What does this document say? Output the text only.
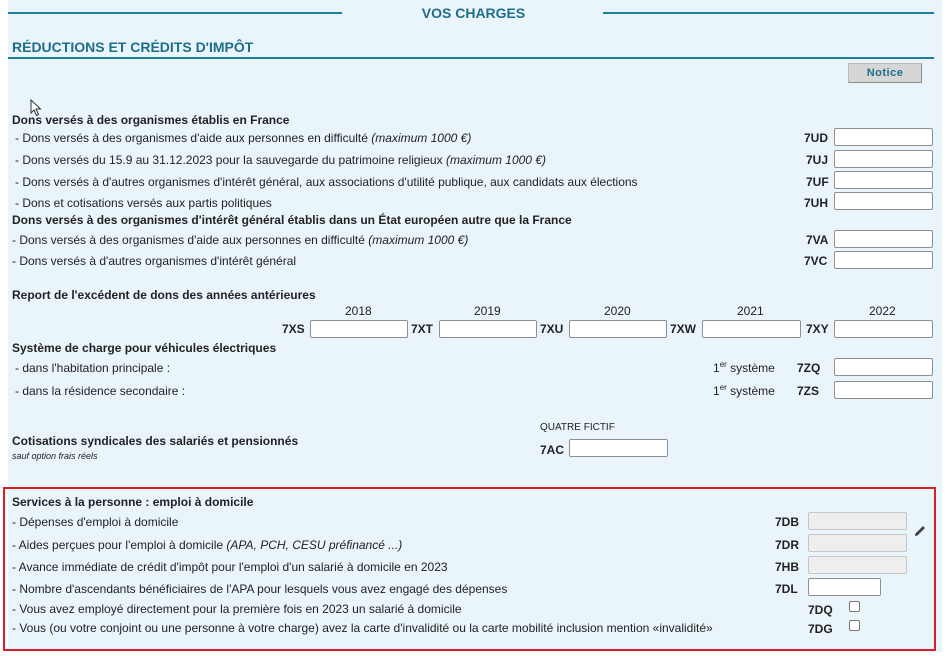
VOS CHARGES
RÉDUCTIONS ET CRÉDITS D'IMPÔT
Notice
Dons versés à des organismes établis en France
- Dons versés à des organismes d'aide aux personnes en difficulté (maximum 1000 €)	7UD
- Dons versés du 15.9 au 31.12.2023 pour la sauvegarde du patrimoine religieux (maximum 1000 €)	7UJ
- Dons versés à d'autres organismes d'intérêt général, aux associations d'utilité publique, aux candidats aux élections	7UF
- Dons et cotisations versés aux partis politiques	7UH
Dons versés à des organismes d'intérêt général établis dans un État européen autre que la France
- Dons versés à des organismes d'aide aux personnes en difficulté (maximum 1000 €)	7VA
- Dons versés à d'autres organismes d'intérêt général	7VC
Report de l'excédent de dons des années antérieures
2018	2019	2020	2021	2022
7XS	7XT	7XU	7XW	7XY
Système de charge pour véhicules électriques
- dans l'habitation principale :	1er système 7ZQ
- dans la résidence secondaire :	1er système 7ZS
QUATRE FICTIF
Cotisations syndicales des salariés et pensionnés
sauf option frais réels	7AC
Services à la personne : emploi à domicile
- Dépenses d'emploi à domicile	7DB
- Aides perçues pour l'emploi à domicile (APA, PCH, CESU préfinancé ...)	7DR
- Avance immédiate de crédit d'impôt pour l'emploi d'un salarié à domicile en 2023	7HB
- Nombre d'ascendants bénéficiaires de l'APA pour lesquels vous avez engagé des dépenses	7DL
- Vous avez employé directement pour la première fois en 2023 un salarié à domicile	7DQ
- Vous (ou votre conjoint ou une personne à votre charge) avez la carte d'invalidité ou la carte mobilité inclusion mention «invalidité»	7DG
